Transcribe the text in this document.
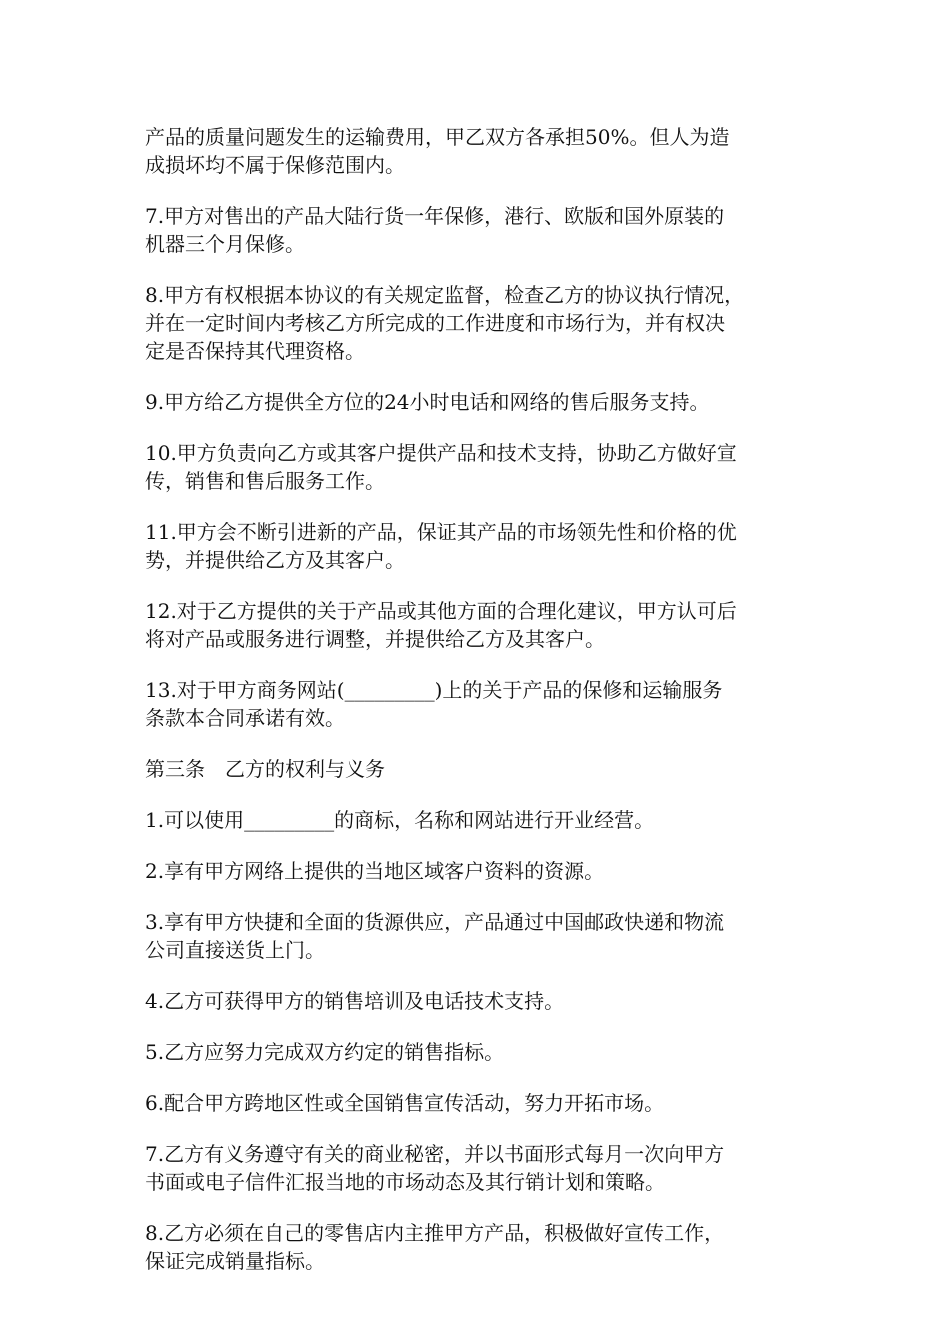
产品的质量问题发生的运输费用，甲乙双方各承担50%。但人为造
成损坏均不属于保修范围内。

7.甲方对售出的产品大陆行货一年保修，港行、欧版和国外原装的
机器三个月保修。

8.甲方有权根据本协议的有关规定监督，检查乙方的协议执行情况，
并在一定时间内考核乙方所完成的工作进度和市场行为，并有权决
定是否保持其代理资格。

9.甲方给乙方提供全方位的24小时电话和网络的售后服务支持。

10.甲方负责向乙方或其客户提供产品和技术支持，协助乙方做好宣
传，销售和售后服务工作。

11.甲方会不断引进新的产品，保证其产品的市场领先性和价格的优
势，并提供给乙方及其客户。

12.对于乙方提供的关于产品或其他方面的合理化建议，甲方认可后
将对产品或服务进行调整，并提供给乙方及其客户。

13.对于甲方商务网站(_________)上的关于产品的保修和运输服务
条款本合同承诺有效。

第三条　乙方的权利与义务

1.可以使用_________的商标，名称和网站进行开业经营。

2.享有甲方网络上提供的当地区域客户资料的资源。

3.享有甲方快捷和全面的货源供应，产品通过中国邮政快递和物流
公司直接送货上门。

4.乙方可获得甲方的销售培训及电话技术支持。

5.乙方应努力完成双方约定的销售指标。

6.配合甲方跨地区性或全国销售宣传活动，努力开拓市场。

7.乙方有义务遵守有关的商业秘密，并以书面形式每月一次向甲方
书面或电子信件汇报当地的市场动态及其行销计划和策略。

8.乙方必须在自己的零售店内主推甲方产品，积极做好宣传工作，
保证完成销量指标。
